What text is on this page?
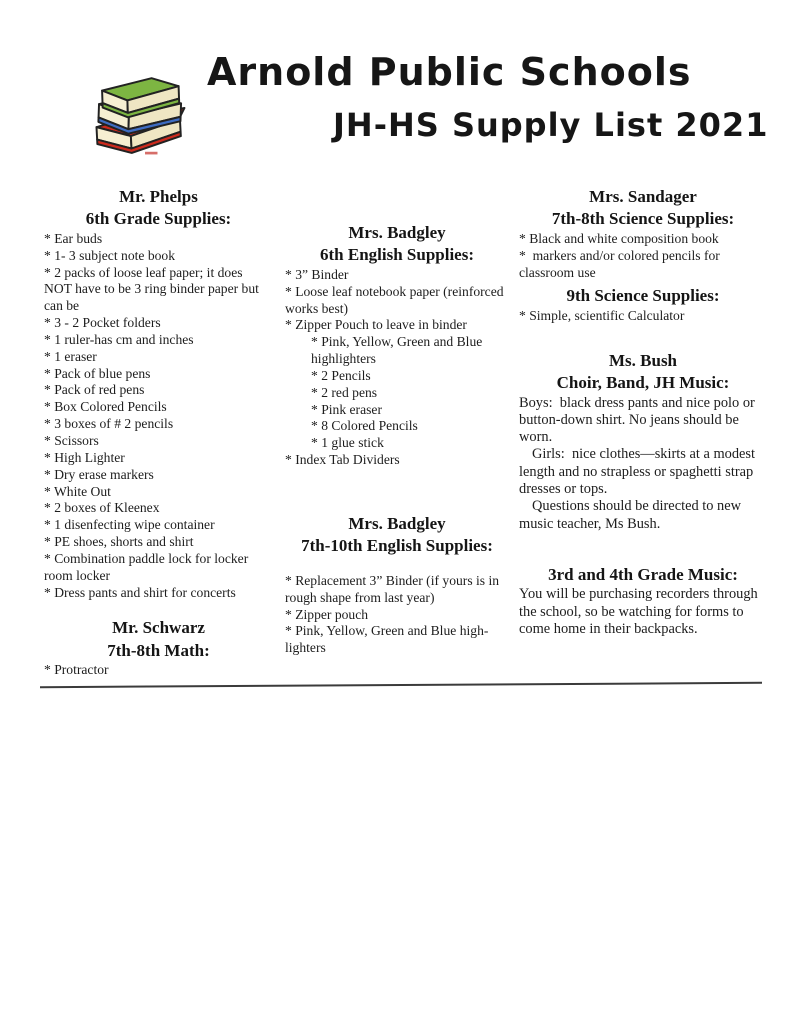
Arnold Public Schools
JH-HS Supply List 2021
Mr. Phelps
6th Grade Supplies:
* Ear buds
* 1- 3 subject note book
* 2 packs of loose leaf paper; it does NOT have to be 3 ring binder paper but can be
* 3 - 2 Pocket folders
* 1 ruler-has cm and inches
* 1 eraser
* Pack of blue pens
* Pack of red pens
* Box Colored Pencils
* 3 boxes of # 2 pencils
* Scissors
* High Lighter
* Dry erase markers
* White Out
* 2 boxes of Kleenex
* 1 disenfecting wipe container
* PE shoes, shorts and shirt
* Combination paddle lock for locker room locker
* Dress pants and shirt for concerts
Mr. Schwarz
7th-8th Math:
* Protractor
Mrs. Badgley
6th English Supplies:
* 3” Binder
* Loose leaf notebook paper (reinforced works best)
* Zipper Pouch to leave in binder
* Pink, Yellow, Green and Blue highlighters
* 2 Pencils
* 2 red pens
* Pink eraser
* 8 Colored Pencils
* 1 glue stick
* Index Tab Dividers
Mrs. Badgley
7th-10th English Supplies:
* Replacement 3” Binder (if yours is in rough shape from last year)
* Zipper pouch
* Pink, Yellow, Green and Blue high-lighters
Mrs. Sandager
7th-8th Science Supplies:
* Black and white composition book
*  markers and/or colored pencils for classroom use
9th Science Supplies:
* Simple, scientific Calculator
Ms. Bush
Choir, Band, JH Music:
Boys:  black dress pants and nice polo or button-down shirt. No jeans should be worn.
Girls:  nice clothes—skirts at a modest length and no strapless or spaghetti strap dresses or tops.
Questions should be directed to new music teacher, Ms Bush.
3rd and 4th Grade Music:
You will be purchasing recorders through the school, so be watching for forms to come home in their backpacks.
